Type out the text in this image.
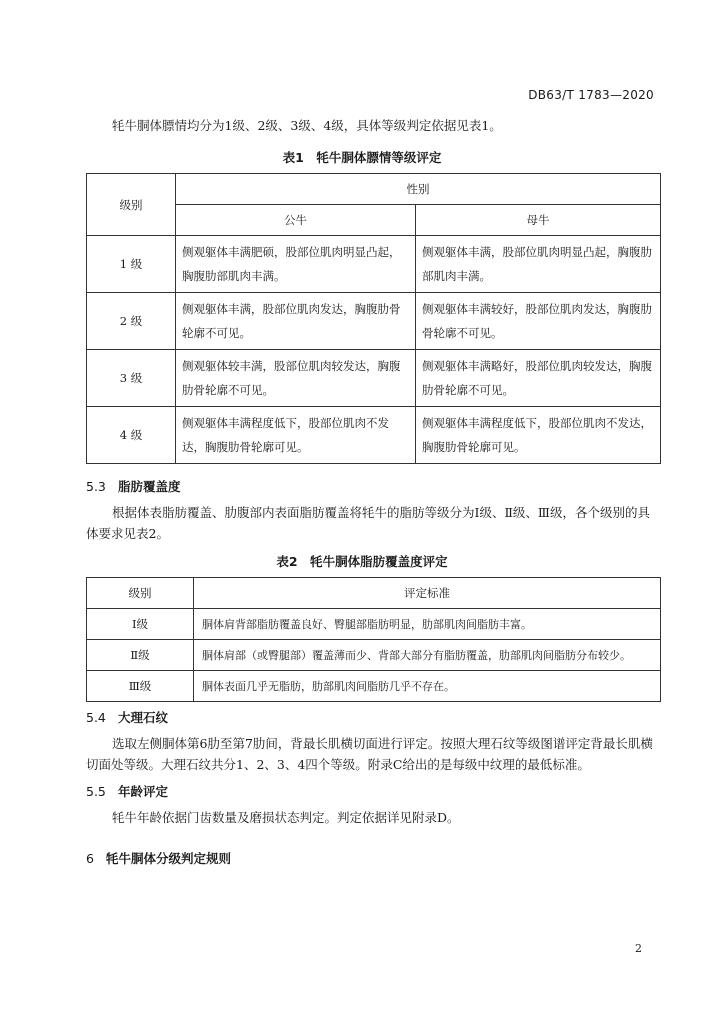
DB63/T 1783—2020
牦牛胴体膘情均分为1级、2级、3级、4级，具体等级判定依据见表1。
表1　牦牛胴体膘情等级评定
级别	性别	
	公牛	母牛
1 级	侧观躯体丰满肥硕，股部位肌肉明显凸起，胸腹肋部肌肉丰满。	侧观躯体丰满，股部位肌肉明显凸起，胸腹肋部肌肉丰满。
2 级	侧观躯体丰满，股部位肌肉发达，胸腹肋骨轮廓不可见。	侧观躯体丰满较好，股部位肌肉发达，胸腹肋骨轮廓不可见。
3 级	侧观躯体较丰满，股部位肌肉较发达，胸腹肋骨轮廓不可见。	侧观躯体丰满略好，股部位肌肉较发达，胸腹肋骨轮廓不可见。
4 级	侧观躯体丰满程度低下，股部位肌肉不发达，胸腹肋骨轮廓可见。	侧观躯体丰满程度低下，股部位肌肉不发达，胸腹肋骨轮廓可见。
5.3 脂肪覆盖度
根据体表脂肪覆盖、肋腹部内表面脂肪覆盖将牦牛的脂肪等级分为Ⅰ级、Ⅱ级、Ⅲ级，各个级别的具体要求见表2。
表2　牦牛胴体脂肪覆盖度评定
级别	评定标准
Ⅰ级	胴体肩背部脂肪覆盖良好、臀腿部脂肪明显，肋部肌肉间脂肪丰富。
Ⅱ级	胴体肩部（或臀腿部）覆盖薄而少、背部大部分有脂肪覆盖，肋部肌肉间脂肪分布较少。
Ⅲ级	胴体表面几乎无脂肪，肋部肌肉间脂肪几乎不存在。
5.4 大理石纹
选取左侧胴体第6肋至第7肋间，背最长肌横切面进行评定。按照大理石纹等级图谱评定背最长肌横切面处等级。大理石纹共分1、2、3、4四个等级。附录C给出的是每级中纹理的最低标准。
5.5 年龄评定
牦牛年龄依据门齿数量及磨损状态判定。判定依据详见附录D。
6 牦牛胴体分级判定规则
2
